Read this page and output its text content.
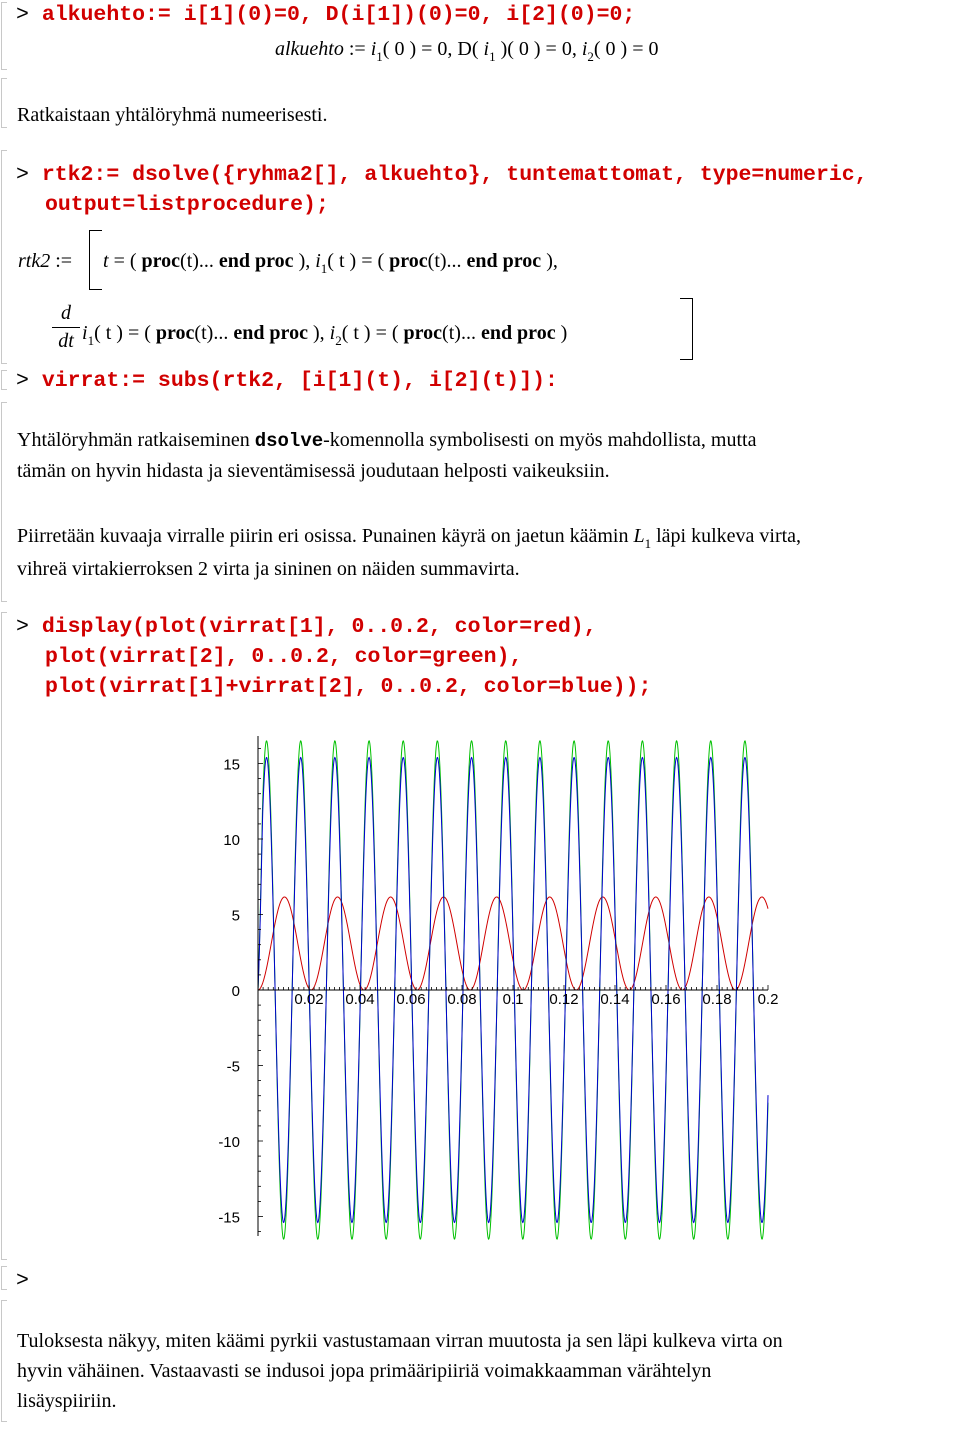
> alkuehto:= i[1](0)=0, D(i[1])(0)=0, i[2](0)=0;
alkuehto := $i_1$( 0 ) = 0, D( $i_1$ )( 0 ) = 0, $i_2$( 0 ) = 0
Ratkaistaan yhtälöryhmä numeerisesti.
> rtk2:= dsolve({ryhma2[], alkuehto}, tuntemattomat, type=numeric,
output=listprocedure);
rtk2 := t = ( proc(t)... end proc ), $i_1$( t ) = ( proc(t)... end proc ),
$\frac{d}{dt} i_1$( t ) = ( proc(t)... end proc ), $i_2$( t ) = ( proc(t)... end proc )
> virrat:= subs(rtk2, [i[1](t), i[2](t)]):
Yhtälöryhmän ratkaiseminen dsolve-komennolla symbolisesti on myös mahdollista, mutta
tämän on hyvin hidasta ja sieventämisessä joudutaan helposti vaikeuksiin.
Piirretään kuvaaja virralle piirin eri osissa. Punainen käyrä on jaetun käämin $L_1$ läpi kulkeva virta,
vihreä virtakierroksen 2 virta ja sininen on näiden summavirta.
> display(plot(virrat[1], 0..0.2, color=red),
plot(virrat[2], 0..0.2, color=green),
plot(virrat[1]+virrat[2], 0..0.2, color=blue));
0.02 0.04 0.06 0.08 0.1 0.12 0.14 0.16 0.18 0.2
15
10
5
0
-5
-10
-15
>
Tuloksesta näkyy, miten käämi pyrkii vastustamaan virran muutosta ja sen läpi kulkeva virta on
hyvin vähäinen. Vastaavasti se indusoi jopa primääripiiriä voimakkaamman värähtelyn
lisäyspiiriin.
